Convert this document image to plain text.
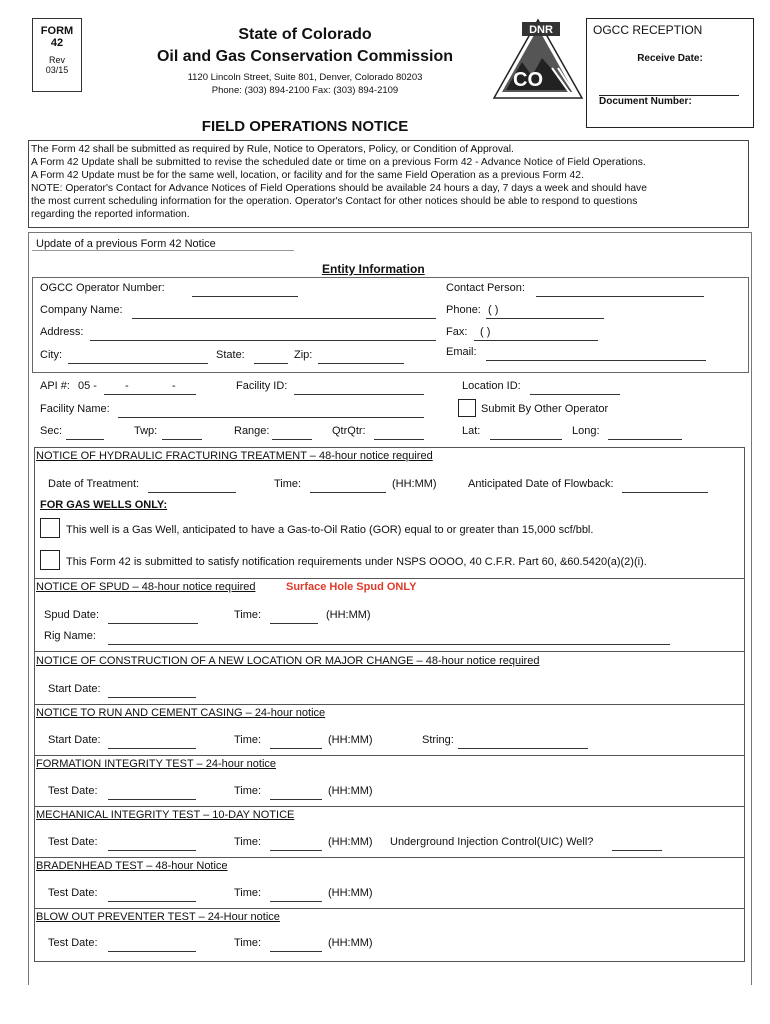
FORM
42
Rev
03/15
State of Colorado
Oil and Gas Conservation Commission
1120 Lincoln Street, Suite 801, Denver, Colorado 80203
Phone: (303) 894-2100 Fax: (303) 894-2109
DNR
CO
OGCC RECEPTION
Receive Date:
Document Number:
FIELD OPERATIONS NOTICE
The Form 42 shall be submitted as required by Rule, Notice to Operators, Policy, or Condition of Approval.
A Form 42 Update shall be submitted to revise the scheduled date or time on a previous Form 42 - Advance Notice of Field Operations.
A Form 42 Update must be for the same well, location, or facility and for the same Field Operation as a previous Form 42.
NOTE: Operator's Contact for Advance Notices of Field Operations should be available 24 hours a day, 7 days a week and should have
the most current scheduling information for the operation. Operator's Contact for other notices should be able to respond to questions
regarding the reported information.
Update of a previous Form 42 Notice
Entity Information
OGCC Operator Number:	Contact Person:
Company Name:	Phone: ( )
Address:	Fax: ( )
City:	State:	Zip:	Email:
API #: 05 -	-	-	Facility ID:	Location ID:
Facility Name:	Submit By Other Operator
Sec:	Twp:	Range:	QtrQtr:	Lat:	Long:
NOTICE OF HYDRAULIC FRACTURING TREATMENT – 48-hour notice required
Date of Treatment:	Time:	(HH:MM)	Anticipated Date of Flowback:
FOR GAS WELLS ONLY:
This well is a Gas Well, anticipated to have a Gas-to-Oil Ratio (GOR) equal to or greater than 15,000 scf/bbl.
This Form 42 is submitted to satisfy notification requirements under NSPS OOOO, 40 C.F.R. Part 60, &60.5420(a)(2)(i).
NOTICE OF SPUD – 48-hour notice required	Surface Hole Spud ONLY
Spud Date:	Time:	(HH:MM)
Rig Name:
NOTICE OF CONSTRUCTION OF A NEW LOCATION OR MAJOR CHANGE – 48-hour notice required
Start Date:
NOTICE TO RUN AND CEMENT CASING – 24-hour notice
Start Date:	Time:	(HH:MM)	String:
FORMATION INTEGRITY TEST – 24-hour notice
Test Date:	Time:	(HH:MM)
MECHANICAL INTEGRITY TEST – 10-DAY NOTICE
Test Date:	Time:	(HH:MM) Underground Injection Control(UIC) Well?
BRADENHEAD TEST – 48-hour Notice
Test Date:	Time:	(HH:MM)
BLOW OUT PREVENTER TEST – 24-Hour notice
Test Date:	Time:	(HH:MM)
